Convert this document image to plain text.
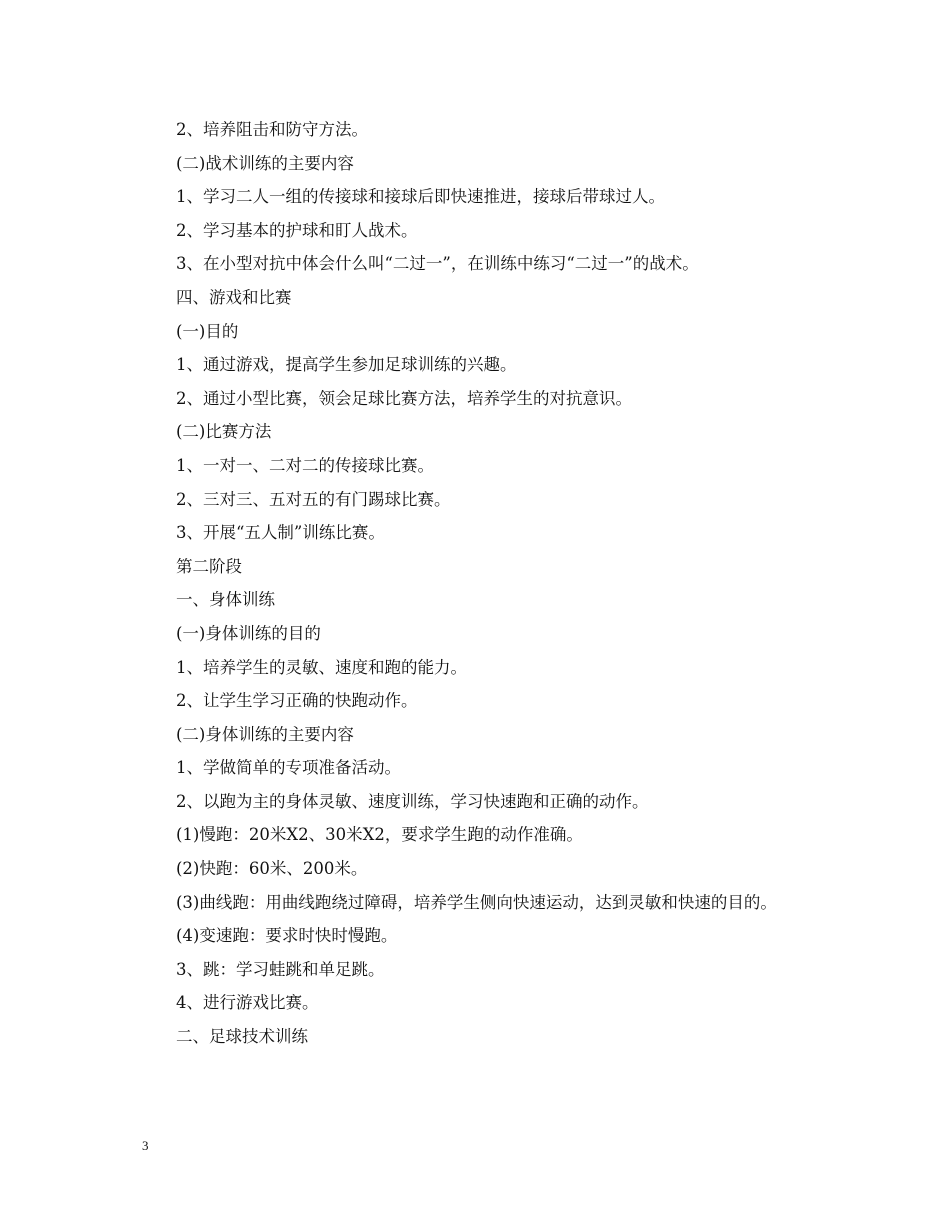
2、培养阻击和防守方法。
(二)战术训练的主要内容
1、学习二人一组的传接球和接球后即快速推进，接球后带球过人。
2、学习基本的护球和盯人战术。
3、在小型对抗中体会什么叫“二过一”，在训练中练习“二过一”的战术。
四、游戏和比赛
(一)目的
1、通过游戏，提高学生参加足球训练的兴趣。
2、通过小型比赛，领会足球比赛方法，培养学生的对抗意识。
(二)比赛方法
1、一对一、二对二的传接球比赛。
2、三对三、五对五的有门踢球比赛。
3、开展“五人制”训练比赛。
第二阶段
一、身体训练
(一)身体训练的目的
1、培养学生的灵敏、速度和跑的能力。
2、让学生学习正确的快跑动作。
(二)身体训练的主要内容
1、学做简单的专项准备活动。
2、以跑为主的身体灵敏、速度训练，学习快速跑和正确的动作。
(1)慢跑：20米X2、30米X2，要求学生跑的动作准确。
(2)快跑：60米、200米。
(3)曲线跑：用曲线跑绕过障碍，培养学生侧向快速运动，达到灵敏和快速的目的。
(4)变速跑：要求时快时慢跑。
3、跳：学习蛙跳和单足跳。
4、进行游戏比赛。
二、足球技术训练
3
